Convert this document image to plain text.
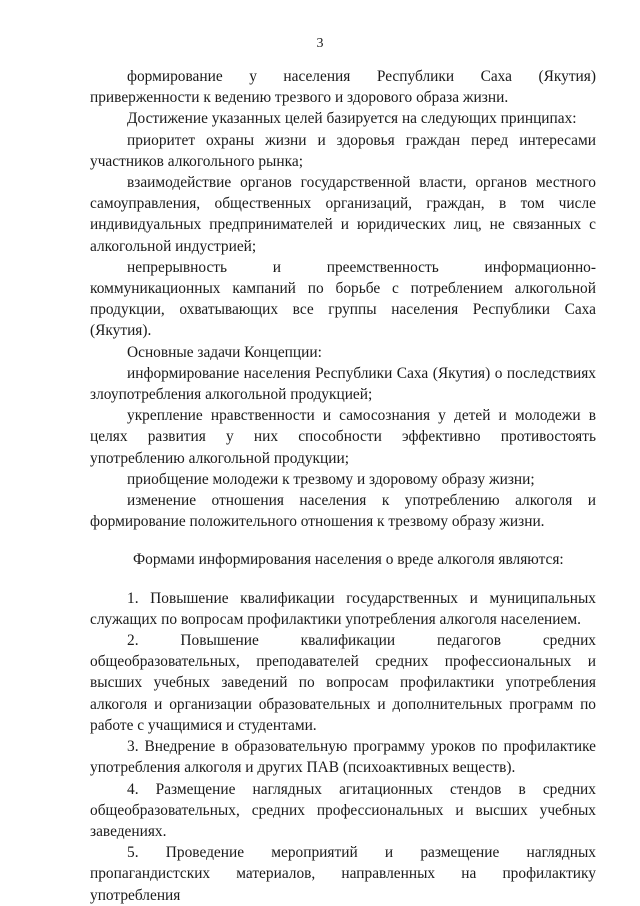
3

формирование у населения Республики Саха (Якутия) приверженности к ведению трезвого и здорового образа жизни.

Достижение указанных целей базируется на следующих принципах:

приоритет охраны жизни и здоровья граждан перед интересами участников алкогольного рынка;

взаимодействие органов государственной власти, органов местного самоуправления, общественных организаций, граждан, в том числе индивидуальных предпринимателей и юридических лиц, не связанных с алкогольной индустрией;

непрерывность и преемственность информационно-коммуникационных кампаний по борьбе с потреблением алкогольной продукции, охватывающих все группы населения Республики Саха (Якутия).

Основные задачи Концепции:

информирование населения Республики Саха (Якутия) о последствиях злоупотребления алкогольной продукцией;

укрепление нравственности и самосознания у детей и молодежи в целях развития у них способности эффективно противостоять употреблению алкогольной продукции;

приобщение молодежи к трезвому и здоровому образу жизни;

изменение отношения населения к употреблению алкоголя и формирование положительного отношения к трезвому образу жизни.

Формами информирования населения о вреде алкоголя являются:

1. Повышение квалификации государственных и муниципальных служащих по вопросам профилактики употребления алкоголя населением.

2. Повышение квалификации педагогов средних общеобразовательных, преподавателей средних профессиональных и высших учебных заведений по вопросам профилактики употребления алкоголя и организации образовательных и дополнительных программ по работе с учащимися и студентами.

3. Внедрение в образовательную программу уроков по профилактике употребления алкоголя и других ПАВ (психоактивных веществ).

4. Размещение наглядных агитационных стендов в средних общеобразовательных, средних профессиональных и высших учебных заведениях.

5. Проведение мероприятий и размещение наглядных пропагандистских материалов, направленных на профилактику употребления
